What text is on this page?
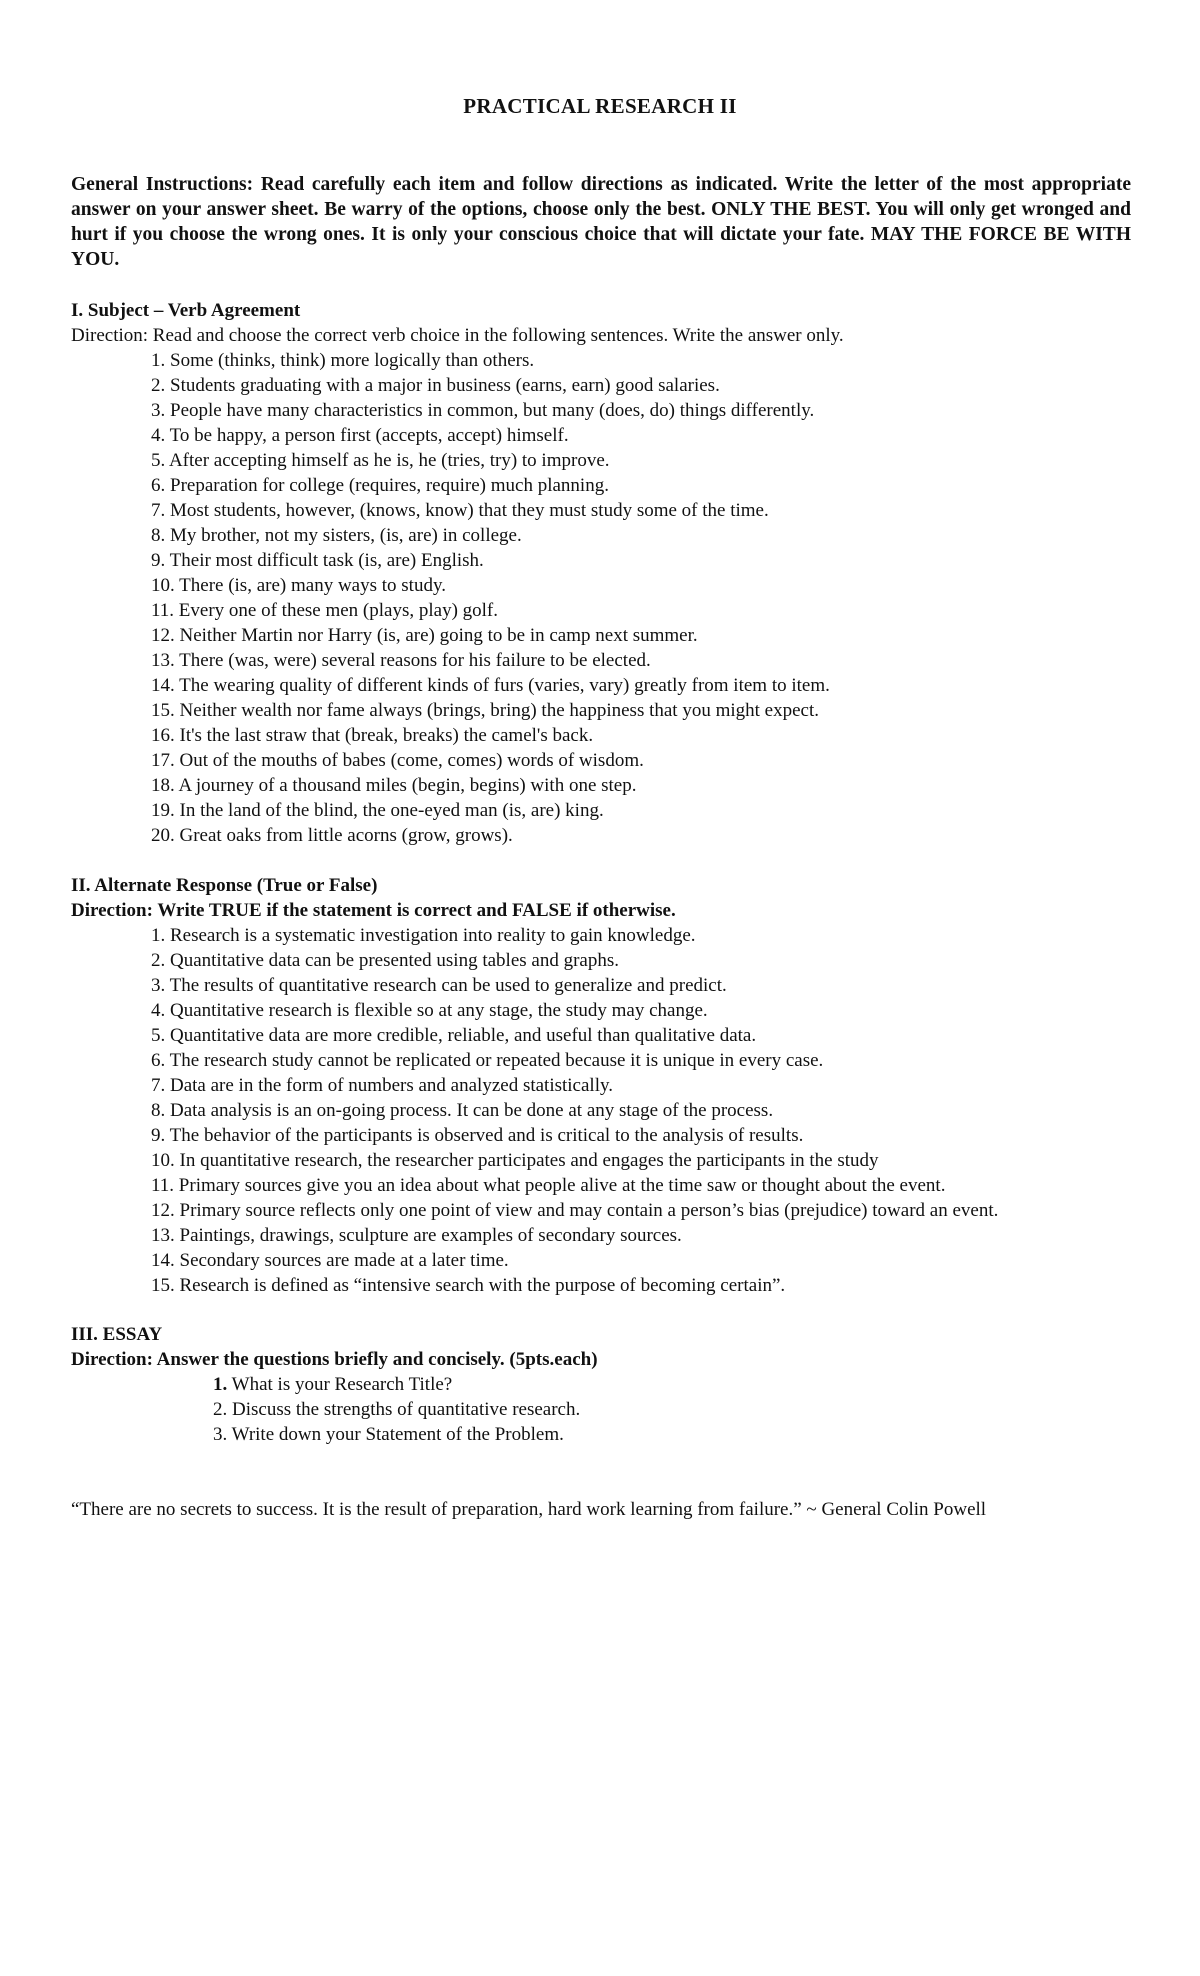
PRACTICAL RESEARCH II
General Instructions: Read carefully each item and follow directions as indicated. Write the letter of the most appropriate answer on your answer sheet. Be warry of the options, choose only the best. ONLY THE BEST. You will only get wronged and hurt if you choose the wrong ones. It is only your conscious choice that will dictate your fate. MAY THE FORCE BE WITH YOU.

I. Subject – Verb Agreement

Direction: Read and choose the correct verb choice in the following sentences. Write the answer only.

1. Some (thinks, think) more logically than others.
2. Students graduating with a major in business (earns, earn) good salaries.
3. People have many characteristics in common, but many (does, do) things differently.
4. To be happy, a person first (accepts, accept) himself.
5. After accepting himself as he is, he (tries, try) to improve.
6. Preparation for college (requires, require) much planning.
7. Most students, however, (knows, know) that they must study some of the time.
8. My brother, not my sisters, (is, are) in college.
9. Their most difficult task (is, are) English.
10. There (is, are) many ways to study.
11. Every one of these men (plays, play) golf.
12. Neither Martin nor Harry (is, are) going to be in camp next summer.
13. There (was, were) several reasons for his failure to be elected.
14. The wearing quality of different kinds of furs (varies, vary) greatly from item to item.
15. Neither wealth nor fame always (brings, bring) the happiness that you might expect.
16. It's the last straw that (break, breaks) the camel's back.
17. Out of the mouths of babes (come, comes) words of wisdom.
18. A journey of a thousand miles (begin, begins) with one step.
19. In the land of the blind, the one-eyed man (is, are) king.
20. Great oaks from little acorns (grow, grows).

II. Alternate Response (True or False)

Direction: Write TRUE if the statement is correct and FALSE if otherwise.

1. Research is a systematic investigation into reality to gain knowledge.
2. Quantitative data can be presented using tables and graphs.
3. The results of quantitative research can be used to generalize and predict.
4. Quantitative research is flexible so at any stage, the study may change.
5. Quantitative data are more credible, reliable, and useful than qualitative data.
6. The research study cannot be replicated or repeated because it is unique in every case.
7. Data are in the form of numbers and analyzed statistically.
8. Data analysis is an on-going process. It can be done at any stage of the process.
9. The behavior of the participants is observed and is critical to the analysis of results.
10. In quantitative research, the researcher participates and engages the participants in the study
11. Primary sources give you an idea about what people alive at the time saw or thought about the event.
12. Primary source reflects only one point of view and may contain a person’s bias (prejudice) toward an event.
13. Paintings, drawings, sculpture are examples of secondary sources.
14. Secondary sources are made at a later time.
15. Research is defined as “intensive search with the purpose of becoming certain”.

III. ESSAY

Direction: Answer the questions briefly and concisely. (5pts.each)

1. What is your Research Title?
2. Discuss the strengths of quantitative research.
3. Write down your Statement of the Problem.
“There are no secrets to success. It is the result of preparation, hard work learning from failure.” ~ General Colin Powell
